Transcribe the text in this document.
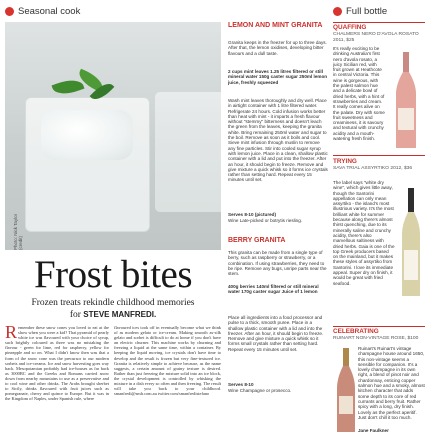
Seasonal cook	Full bottle
Photo: Nick Taylor (credit)
Frost bites
Frozen treats rekindle childhood memories
for STEVE MANFREDI.
Remember these snow cones you loved to eat at the show when you were a kid? That pyramid of pearly white ice was flavoured with your choice of syrup, such brightly coloured as three was no mistaking the flavour - green for lime, red for raspberry, yellow for pineapple and so on. What I didn't know then was that a form of the snow cone was the precursor to our modern sorbets and ice-creams. Ice and snow harvesting goes way back. Mesopotamian probably had ice-houses as far back as 3000BC and the Greeks and Romans carried snow down from nearby mountains to use as a preservative and to cool wine and other drinks. The Arabs brought sherbet to Sicily, drinks flavoured with fruit juices such as pomegranate, cherry and quince to Europe. But it was in the Kingdom of Naples, under Spanish rule, where
flavoured ices took off in eventually become what we think of as modern gelato or ice-cream. Making smooth as-silk gelato and sorbet is difficult to do at home if you don't have an electric churner. This machine works by churning and freezing a liquid at the same time, within a container. By keeping the liquid moving, ice crystals don't have time to develop and the result is frozen but very fine-textured ice. Granita is relatively simple to achieve because, as the name suggests, a certain amount of grainy texture is desired. Rather than just freezing the mixture solid into an ice block, the crystal development is controlled by whisking the mixture in a dish every so often and then freezing. The result will take you back to your childhood. smanfredi@smh.com.au twitter.com/smanfredistefano
LEMON AND MINT GRANITA
Granita keeps in the freezer for up to three days. After that, the lemon oxidises, developing bitter flavours and a dull taste.
2 cups mint leaves 1.25 litres filtered or still mineral water 150g caster sugar 250ml lemon juice, freshly squeezed
Wash mint leaves thoroughly and dry well. Place in airtight container with 1 litre filtered water. Refrigerate 24 hours. Cold infusion works better than heat with mint - it imparts a fresh flavour without "stemmy" bitterness and doesn't leach the green from the leaves, keeping the granita white. Bring remaining 250ml water and sugar to the boil. Remove as soon as it boils and cool. Sieve mint infusion through muslin to remove any fine particles. Stir into cooled sugar syrup with lemon juice. Place in a clean, shallow plastic container with a lid and put into the freezer. After an hour, it should begin to freeze. Remove and give mixture a quick whisk so it forms ice crystals rather than setting hard. Repeat every 15 minutes until set.
Serves 8-10 (pictured)
Wine Late-picked or botrytis riesling.
BERRY GRANITA
This granita can be made from a single type of berry, such as raspberry or strawberry, or a combination. If using strawberries, they need to be ripe. Remove any bugs, unripe parts near the stem.
400g berries 140ml filtered or still mineral water 170g caster sugar Juice of 1 lemon
Place all ingredients into a food processor and pulse to a thick, smooth puree. Place in a shallow plastic container with a lid and into the freezer. After an hour, it should begin to freeze. Remove and give mixture a quick whisk so it forms small crystals rather than setting hard. Repeat every 15 minutes until set.
Serves 8-10
Wine Champagne or prosecco.
QUAFFING
CHALMERS NERO D'AVOLA ROSATO 2011, $25
It's really exciting to be drinking Australia's first nero d'avola rosato, a juicy Sicilian red, with fruit grown at Heathcote in central Victoria. This wine is gorgeous, with the palest salmon hue and a delicate bowl of dried herbs, with a hint of strawberries and cream. It really comes alive on the palate. Dry with some fruit sweetness and creaminess, it is savoury and textural with crunchy acidity and a mouth-watering fresh finish.
TRYING
SAVA TRIAL ASSYRTIKO 2012, $36
The label says "white dry wine", which gives little away, though the Santorini appellation can only mean assyrtiko - the island's most illustrious variety. It's the most brilliant white for summer because along there's almost thirst quenching, due to its minerally saline and crunchy acidity, there's also marvellous saltiness with dried herbs. Gaia is one of the top Greek producers based on the mainland, but it makes these styles of assyrtiko from Santorini. I love its immediate appeal. Super dry on finish, it would be great with fried seafood.
CELEBRATING
RUINART NON-VINTAGE ROSE, $100
Ruinart's Ruinart's vintage champagne house around 1650, this non-vintage seems a sensible for companion. It's a lovely champagne in its own right, a blend of pinot noir and chardonnay, enticing copper salmon hue and a smoky, almost kitchen character that adds some depth to its core of red currants and berry fruit. Rather spicy with a long, dry finish. Lovely as the perfect aperitif. Just don't chill it too much.
Jane Faulkner
